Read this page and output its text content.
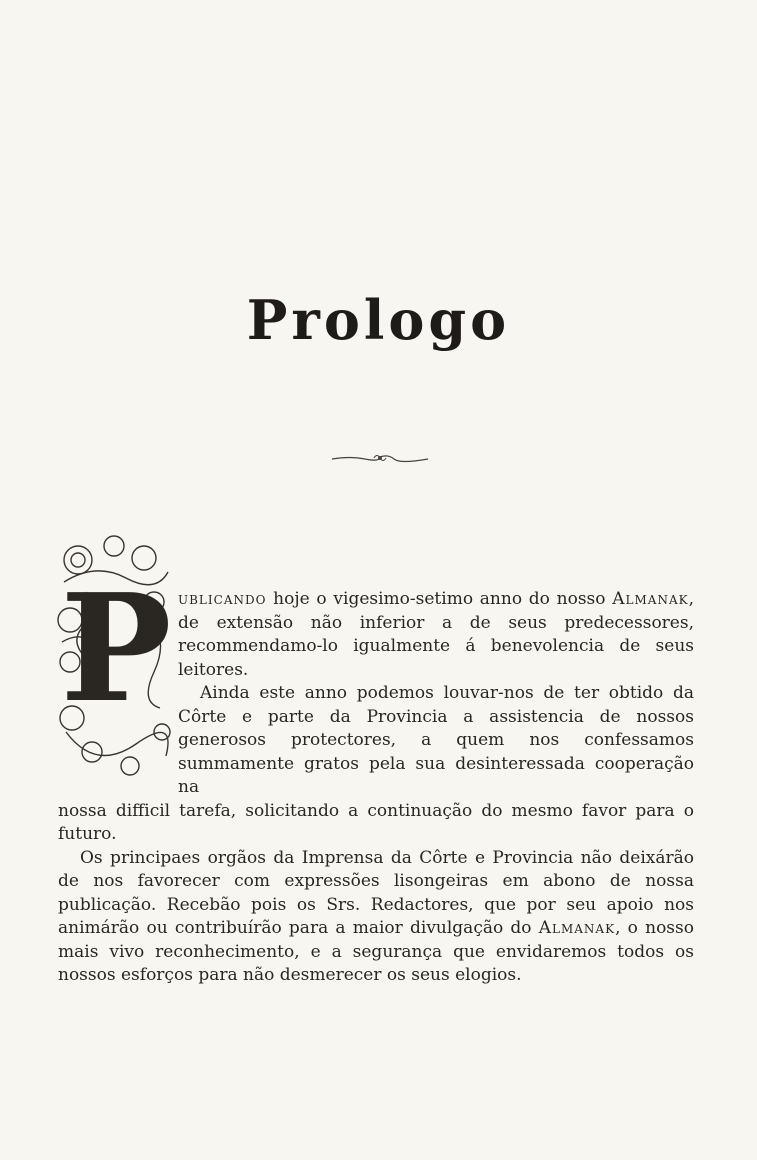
Prologo
P ublicando hoje o vigesimo-setimo anno do nosso Almanak, de extensão não inferior a de seus predecessores, recommendamo-lo igualmente á benevolencia de seus leitores.

Ainda este anno podemos louvar-nos de ter obtido da Côrte e parte da Provincia a assistencia de nossos generosos protectores, a quem nos confessamos summamente gratos pela sua desinteressada cooperação na

nossa difficil tarefa, solicitando a continuação do mesmo favor para o futuro.

Os principaes orgãos da Imprensa da Côrte e Provincia não deixárão de nos favorecer com expressões lisongeiras em abono de nossa publicação. Recebão pois os Srs. Redactores, que por seu apoio nos animárão ou contribuírão para a maior divulgação do Almanak, o nosso mais vivo reconhecimento, e a segurança que envidaremos todos os nossos esforços para não desmerecer os seus elogios.
